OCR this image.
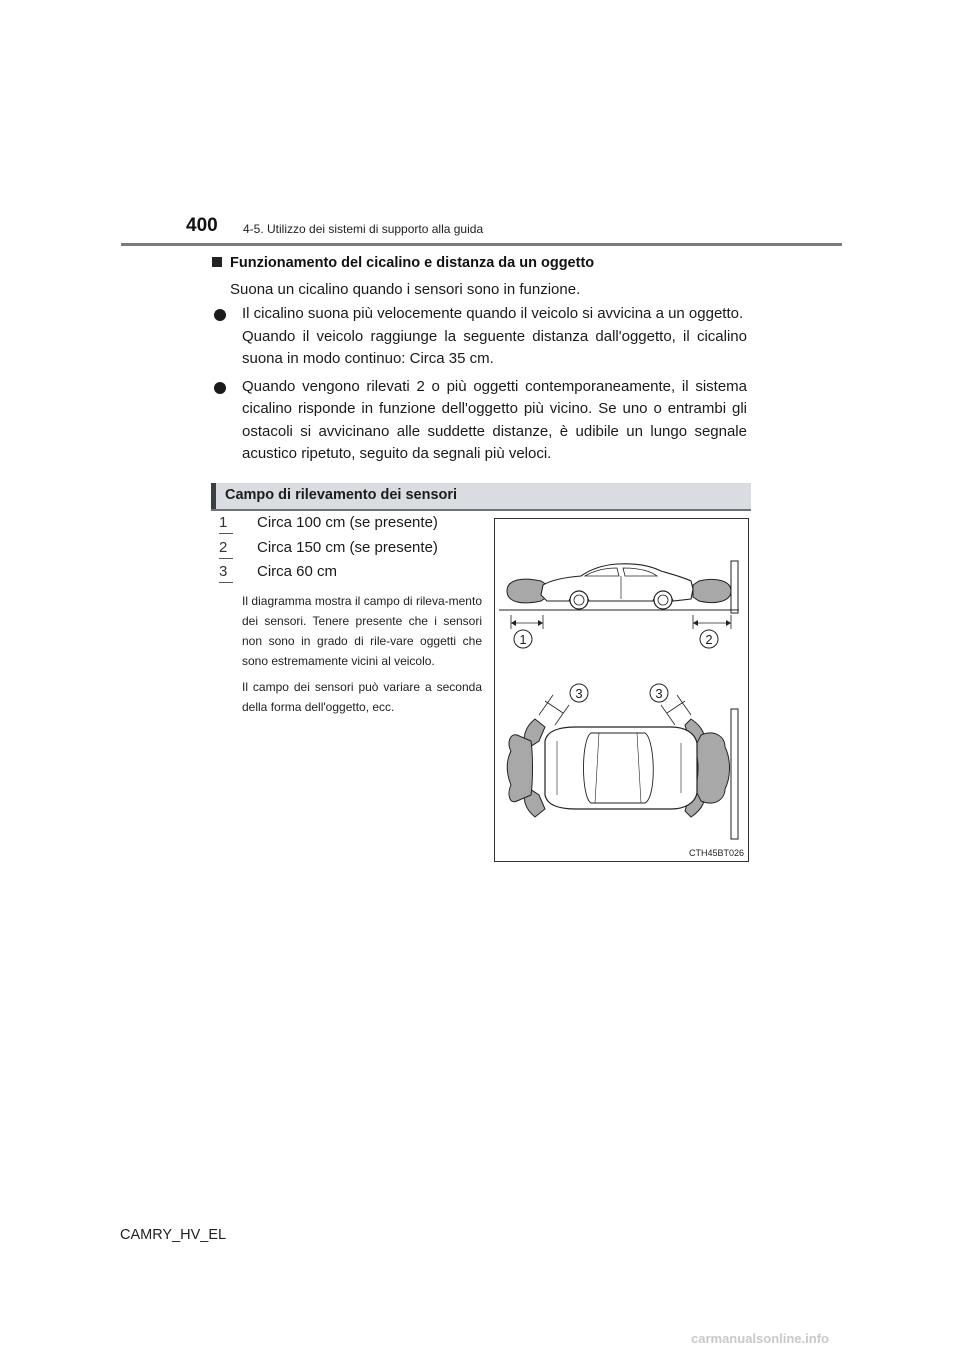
400 4-5. Utilizzo dei sistemi di supporto alla guida
Funzionamento del cicalino e distanza da un oggetto
Suona un cicalino quando i sensori sono in funzione.

Il cicalino suona più velocemente quando il veicolo si avvicina a un oggetto.

Quando il veicolo raggiunge la seguente distanza dall'oggetto, il cicalino suona in modo continuo: Circa 35 cm.

Quando vengono rilevati 2 o più oggetti contemporaneamente, il sistema cicalino risponde in funzione dell'oggetto più vicino. Se uno o entrambi gli ostacoli si avvicinano alle suddette distanze, è udibile un lungo segnale acustico ripetuto, seguito da segnali più veloci.

Campo di rilevamento dei sensori
1	Circa 100 cm (se presente)
2	Circa 150 cm (se presente)
3	Circa 60 cm

Il diagramma mostra il campo di rileva-mento dei sensori. Tenere presente che i sensori non sono in grado di rile-vare oggetti che sono estremamente vicini al veicolo.

Il campo dei sensori può variare a seconda della forma dell'oggetto, ecc.

1	2
3	3
CTH45BT026
CAMRY_HV_EL
carmanualsonline.info
